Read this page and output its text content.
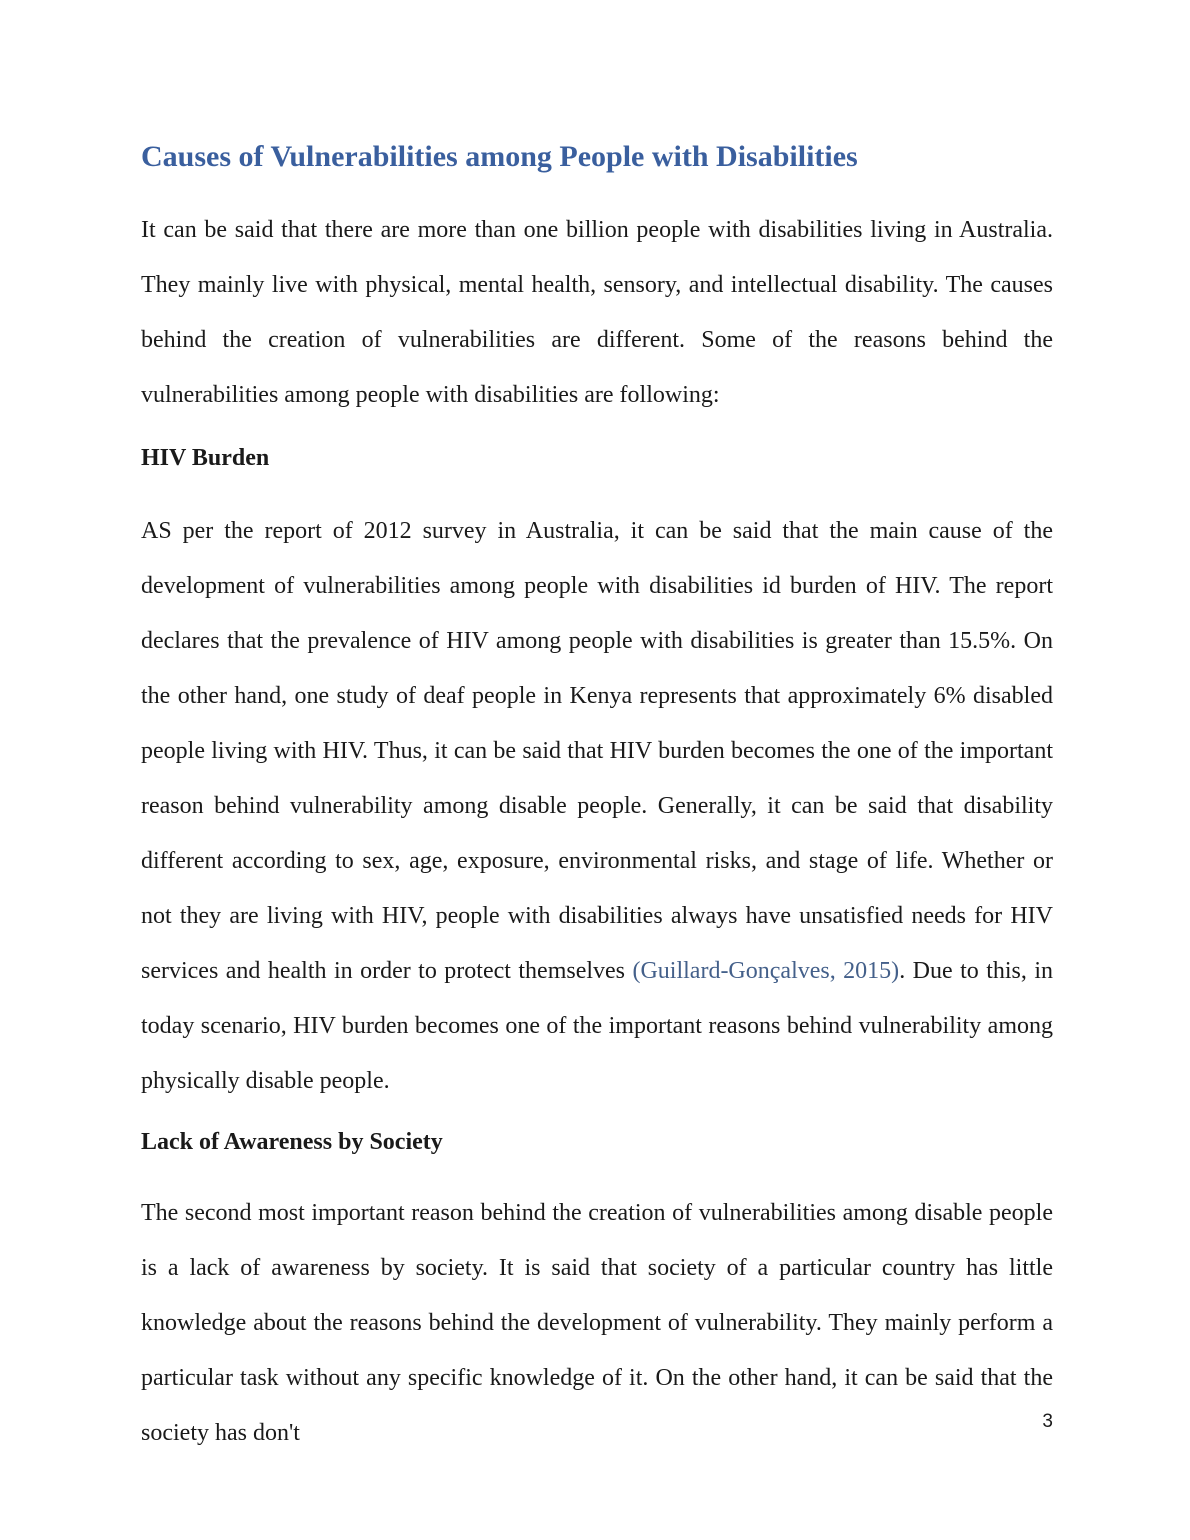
Causes of Vulnerabilities among People with Disabilities

It can be said that there are more than one billion people with disabilities living in Australia. They mainly live with physical, mental health, sensory, and intellectual disability. The causes behind the creation of vulnerabilities are different. Some of the reasons behind the vulnerabilities among people with disabilities are following:

HIV Burden

AS per the report of 2012 survey in Australia, it can be said that the main cause of the development of vulnerabilities among people with disabilities id burden of HIV. The report declares that the prevalence of HIV among people with disabilities is greater than 15.5%. On the other hand, one study of deaf people in Kenya represents that approximately 6% disabled people living with HIV. Thus, it can be said that HIV burden becomes the one of the important reason behind vulnerability among disable people. Generally, it can be said that disability different according to sex, age, exposure, environmental risks, and stage of life. Whether or not they are living with HIV, people with disabilities always have unsatisfied needs for HIV services and health in order to protect themselves (Guillard-Gonçalves, 2015). Due to this, in today scenario, HIV burden becomes one of the important reasons behind vulnerability among physically disable people.

Lack of Awareness by Society

The second most important reason behind the creation of vulnerabilities among disable people is a lack of awareness by society. It is said that society of a particular country has little knowledge about the reasons behind the development of vulnerability. They mainly perform a particular task without any specific knowledge of it. On the other hand, it can be said that the society has don't	3
